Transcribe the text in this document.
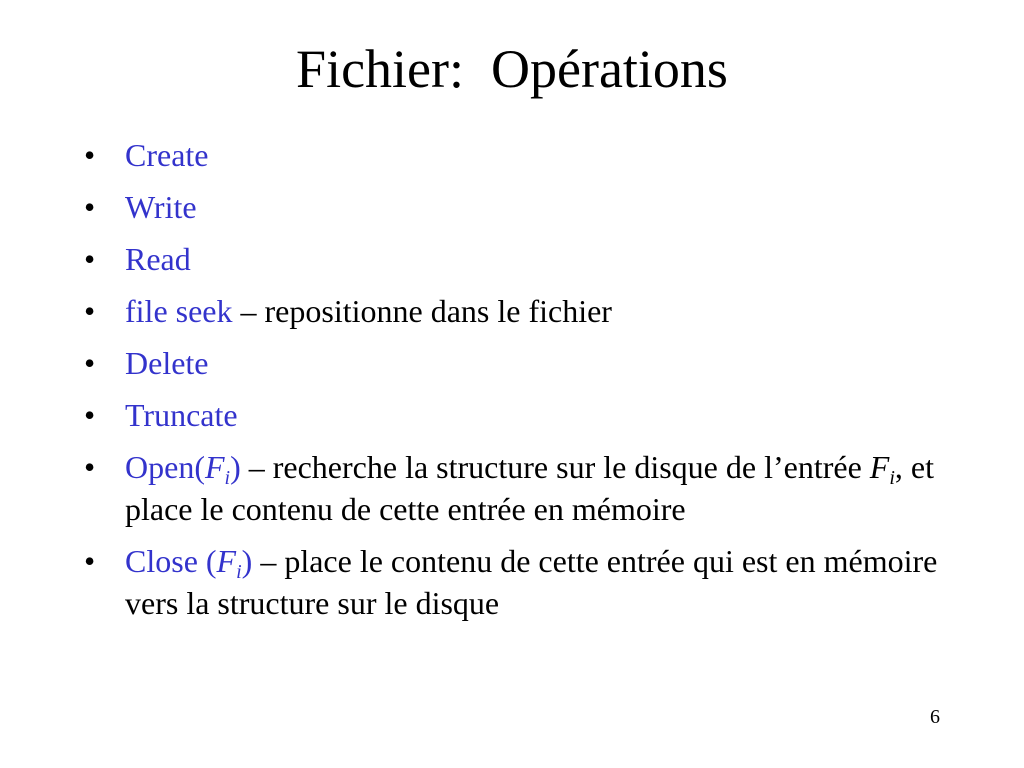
Fichier:  Opérations
• Create
• Write
• Read
• file seek – repositionne dans le fichier
• Delete
• Truncate
• $Open(F_i)$ – recherche la structure sur le disque de l’entrée $F_i$, et place le contenu de cette entrée en mémoire
• Close $(F_i)$ – place le contenu de cette entrée qui est en mémoire vers la structure sur le disque
6
